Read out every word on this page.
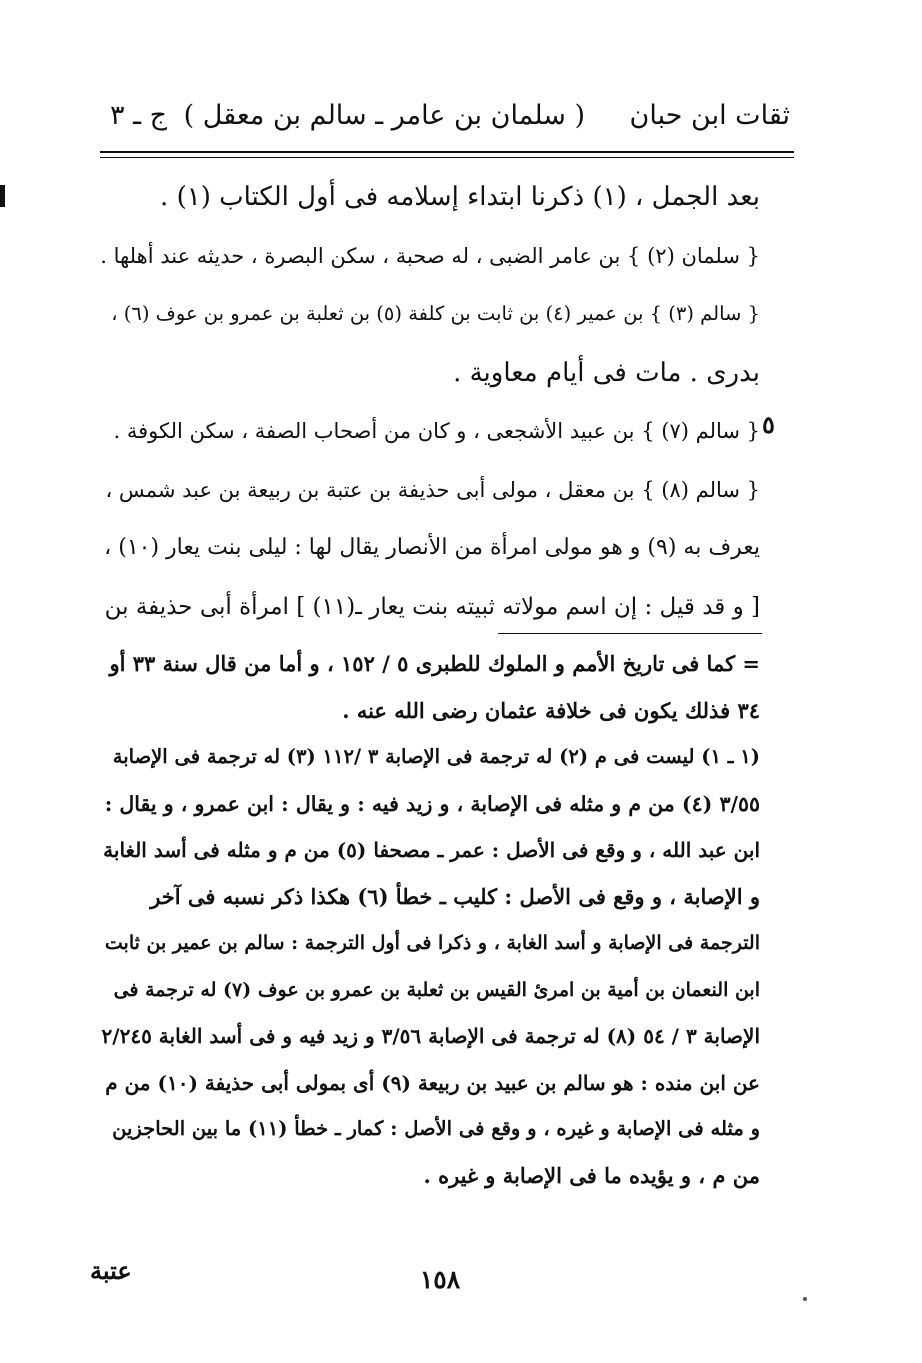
ثقات ابن حبان
( سلمان بن عامر ـ سالم بن معقل )
ج ـ ٣
بعد الجمل ، (١) ذكرنا ابتداء إسلامه فى أول الكتاب (١) .
{ سلمان (٢) } بن عامر الضبى ، له صحبة ، سكن البصرة ، حديثه عند أهلها .
{ سالم (٣) } بن عمير (٤) بن ثابت بن كلفة (٥) بن ثعلبة بن عمرو بن عوف (٦) ،
بدرى . مات فى أيام معاوية .
{ سالم (٧) } بن عبيد الأشجعى ، و كان من أصحاب الصفة ، سكن الكوفة .
{ سالم (٨) } بن معقل ، مولى أبى حذيفة بن عتبة بن ربيعة بن عبد شمس ،
يعرف به (٩) و هو مولى امرأة من الأنصار يقال لها : ليلى بنت يعار (١٠) ،
[ و قد قيل : إن اسم مولاته ثبيته بنت يعار ـ(١١) ] امرأة أبى حذيفة بن
٥
= كما فى تاريخ الأمم و الملوك للطبرى ٥ / ١٥٢ ، و أما من قال سنة ٣٣ أو
٣٤ فذلك يكون فى خلافة عثمان رضى الله عنه .
(١ ـ ١) ليست فى م (٢) له ترجمة فى الإصابة ٣ /١١٢ (٣) له ترجمة فى الإصابة
٣/٥٥ (٤) من م و مثله فى الإصابة ، و زيد فيه : و يقال : ابن عمرو ، و يقال :
ابن عبد الله ، و وقع فى الأصل : عمر ـ مصحفا (٥) من م و مثله فى أسد الغابة
و الإصابة ، و وقع فى الأصل : كليب ـ خطأ (٦) هكذا ذكر نسبه فى آخر
الترجمة فى الإصابة و أسد الغابة ، و ذكرا فى أول الترجمة : سالم بن عمير بن ثابت
ابن النعمان بن أمية بن امرئ القيس بن ثعلبة بن عمرو بن عوف (٧) له ترجمة فى
الإصابة ٣ / ٥٤ (٨) له ترجمة فى الإصابة ٣/٥٦ و زيد فيه و فى أسد الغابة ٢/٢٤٥
عن ابن منده : هو سالم بن عبيد بن ربيعة (٩) أى بمولى أبى حذيفة (١٠) من م
و مثله فى الإصابة و غيره ، و وقع فى الأصل : كمار ـ خطأ (١١) ما بين الحاجزين
من م ، و يؤيده ما فى الإصابة و غيره .
١٥٨
عتبة
